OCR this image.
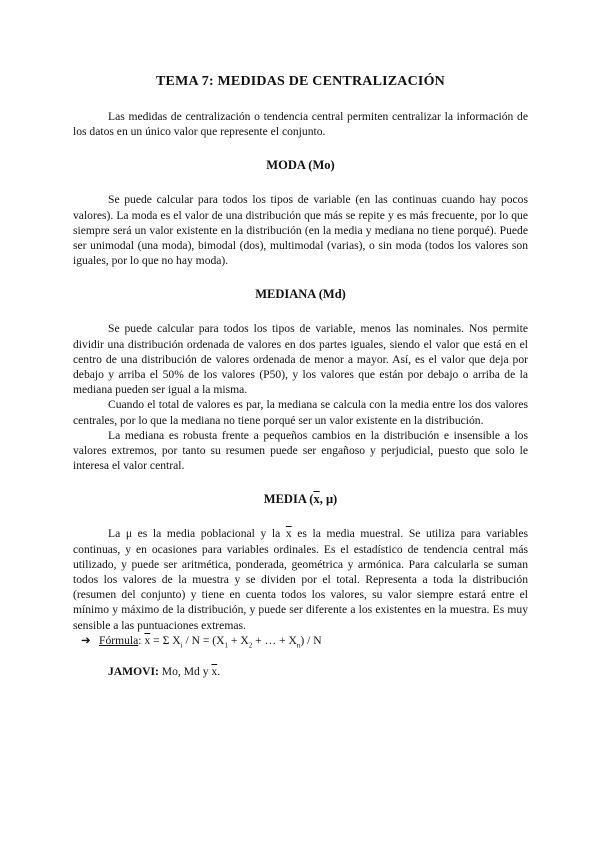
TEMA 7: MEDIDAS DE CENTRALIZACIÓN

Las medidas de centralización o tendencia central permiten centralizar la información de los datos en un único valor que represente el conjunto.

MODA (Mo)

Se puede calcular para todos los tipos de variable (en las continuas cuando hay pocos valores). La moda es el valor de una distribución que más se repite y es más frecuente, por lo que siempre será un valor existente en la distribución (en la media y mediana no tiene porqué). Puede ser unimodal (una moda), bimodal (dos), multimodal (varias), o sin moda (todos los valores son iguales, por lo que no hay moda).

MEDIANA (Md)

Se puede calcular para todos los tipos de variable, menos las nominales. Nos permite dividir una distribución ordenada de valores en dos partes iguales, siendo el valor que está en el centro de una distribución de valores ordenada de menor a mayor. Así, es el valor que deja por debajo y arriba el 50% de los valores (P50), y los valores que están por debajo o arriba de la mediana pueden ser igual a la misma.

Cuando el total de valores es par, la mediana se calcula con la media entre los dos valores centrales, por lo que la mediana no tiene porqué ser un valor existente en la distribución.

La mediana es robusta frente a pequeños cambios en la distribución e insensible a los valores extremos, por tanto su resumen puede ser engañoso y perjudicial, puesto que solo le interesa el valor central.

MEDIA (x, μ)

La μ es la media poblacional y la $\overline{x}$ es la media muestral. Se utiliza para variables continuas, y en ocasiones para variables ordinales. Es el estadístico de tendencia central más utilizado, y puede ser aritmética, ponderada, geométrica y armónica. Para calcularla se suman todos los valores de la muestra y se dividen por el total. Representa a toda la distribución (resumen del conjunto) y tiene en cuenta todos los valores, su valor siempre estará entre el mínimo y máximo de la distribución, y puede ser diferente a los existentes en la muestra. Es muy sensible a las puntuaciones extremas.

➔ Fórmula: $\overline{x} = \Sigma$ $X_i / N = (X_1 + X_2$ + … + $X_n$) / N
JAMOVI: Mo, Md y $\overline{x}$.
